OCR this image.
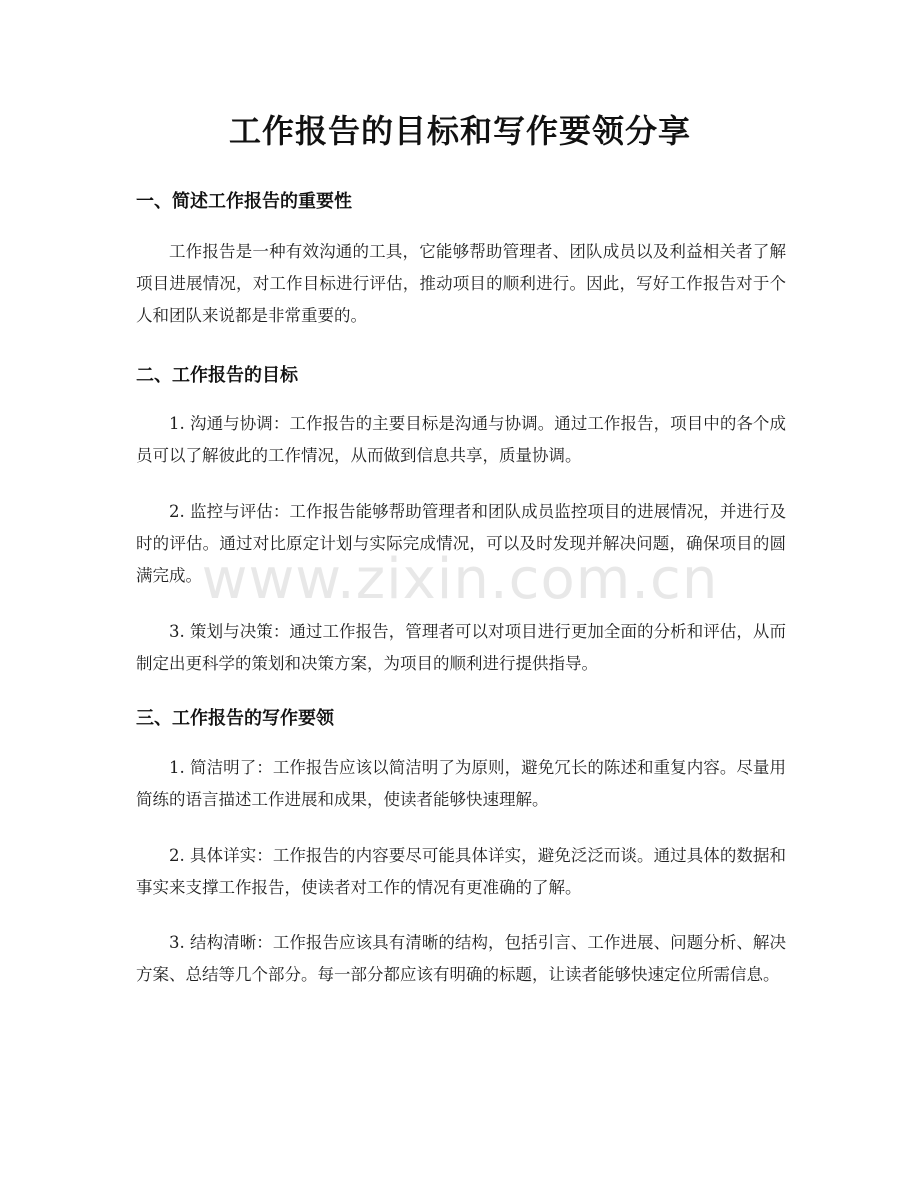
工作报告的目标和写作要领分享
一、简述工作报告的重要性

工作报告是一种有效沟通的工具，它能够帮助管理者、团队成员以及利益相关者了解项目进展情况，对工作目标进行评估，推动项目的顺利进行。因此，写好工作报告对于个人和团队来说都是非常重要的。

二、工作报告的目标

1. 沟通与协调：工作报告的主要目标是沟通与协调。通过工作报告，项目中的各个成员可以了解彼此的工作情况，从而做到信息共享，质量协调。

2. 监控与评估：工作报告能够帮助管理者和团队成员监控项目的进展情况，并进行及时的评估。通过对比原定计划与实际完成情况，可以及时发现并解决问题，确保项目的圆满完成。

3. 策划与决策：通过工作报告，管理者可以对项目进行更加全面的分析和评估，从而制定出更科学的策划和决策方案，为项目的顺利进行提供指导。

三、工作报告的写作要领

1. 简洁明了：工作报告应该以简洁明了为原则，避免冗长的陈述和重复内容。尽量用简练的语言描述工作进展和成果，使读者能够快速理解。

2. 具体详实：工作报告的内容要尽可能具体详实，避免泛泛而谈。通过具体的数据和事实来支撑工作报告，使读者对工作的情况有更准确的了解。

3. 结构清晰：工作报告应该具有清晰的结构，包括引言、工作进展、问题分析、解决方案、总结等几个部分。每一部分都应该有明确的标题，让读者能够快速定位所需信息。

www.zixin.com.cn
